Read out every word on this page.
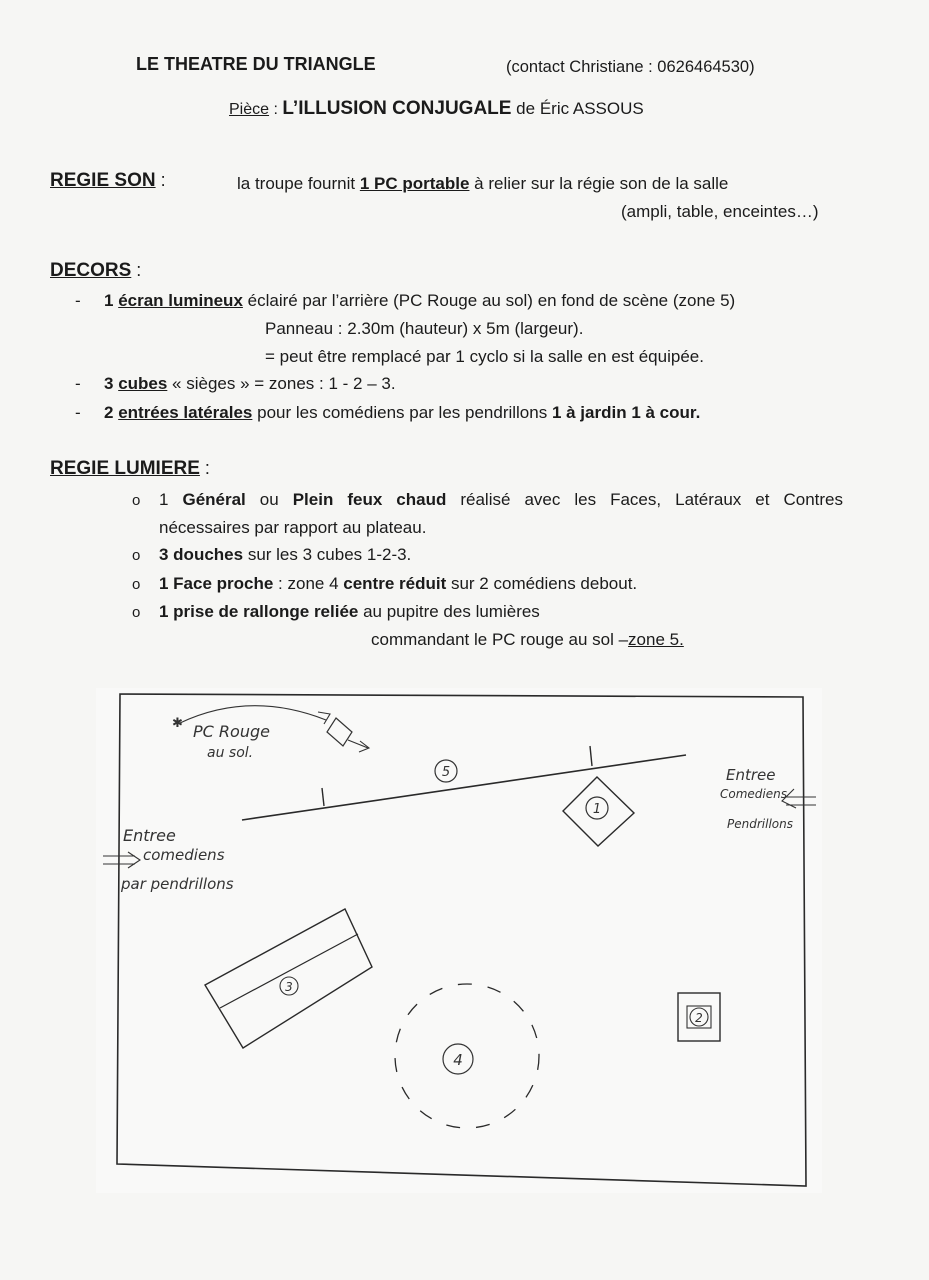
LE THEATRE DU TRIANGLE	(contact Christiane : 0626464530)
Pièce : L’ILLUSION CONJUGALE de Éric ASSOUS
REGIE SON :	la troupe fournit 1 PC portable à relier sur la régie son de la salle
(ampli, table, enceintes…)
DECORS :
- 1 écran lumineux éclairé par l’arrière (PC Rouge au sol) en fond de scène (zone 5)
Panneau : 2.30m (hauteur) x 5m (largeur).
= peut être remplacé par 1 cyclo si la salle en est équipée.
- 3 cubes « sièges » = zones : 1 - 2 – 3.
- 2 entrées latérales pour les comédiens par les pendrillons 1 à jardin 1 à cour.
REGIE LUMIERE :
o 1 Général ou Plein feux chaud réalisé avec les Faces, Latéraux et Contres
nécessaires par rapport au plateau.
o 3 douches sur les 3 cubes 1-2-3.
o 1 Face proche : zone 4 centre réduit sur 2 comédiens debout.
o 1 prise de rallonge reliée au pupitre des lumières
commandant le PC rouge au sol –zone 5.
5
✱ PC Rouge
au sol.
1
2
3
4
Entree
comediens
par pendrillons
Entree
Comediens
Pendrillons
